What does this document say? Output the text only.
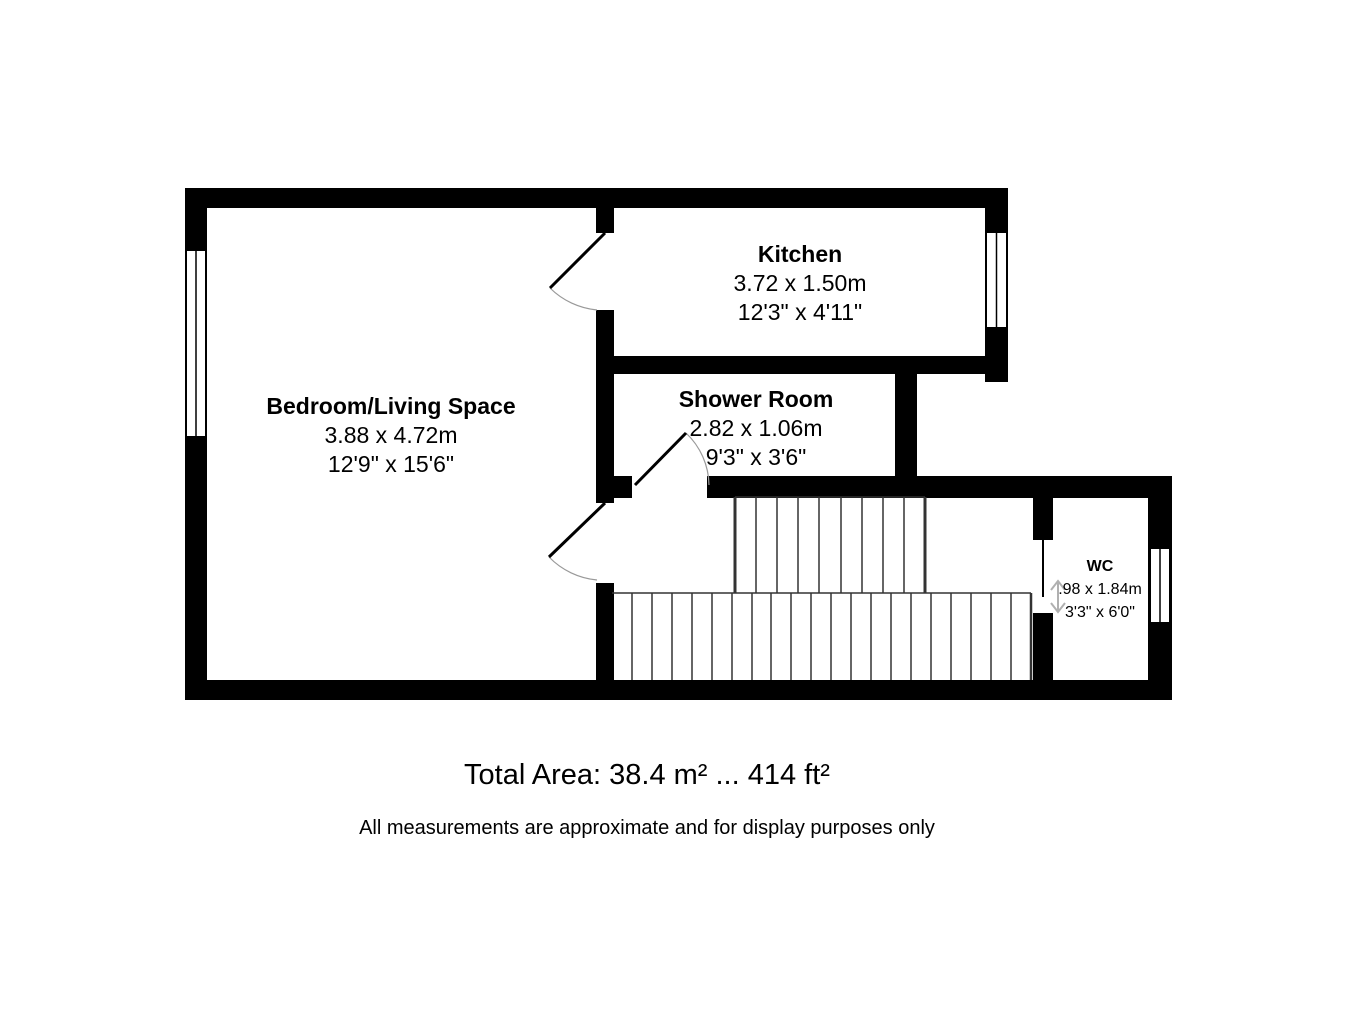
Bedroom/Living Space
3.88 x 4.72m
12'9" x 15'6"
Kitchen
3.72 x 1.50m
12'3" x 4'11"
Shower Room
2.82 x 1.06m
9'3" x 3'6"
WC
.98 x 1.84m
3'3" x 6'0"
Total Area: 38.4 m² ... 414 ft²
All measurements are approximate and for display purposes only
